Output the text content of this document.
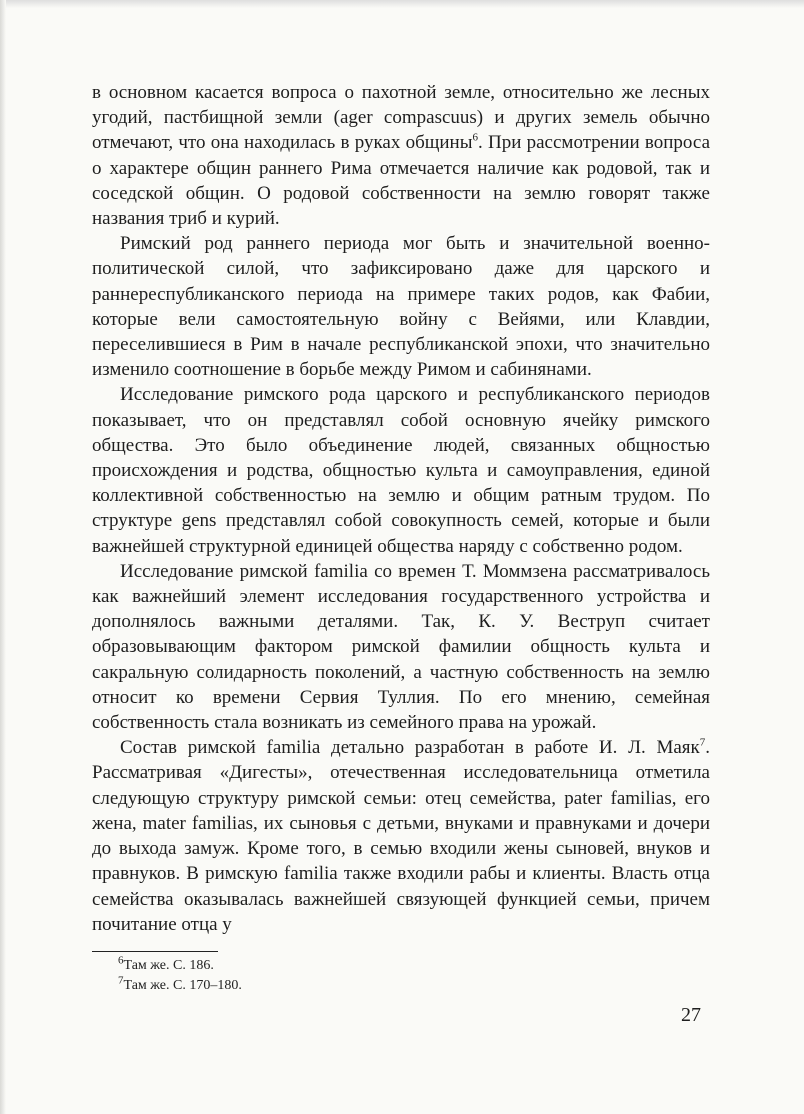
в основном касается вопроса о пахотной земле, относительно же лесных угодий, пастбищной земли (ager compascuus) и других земель обычно отмечают, что она находилась в руках общины$^6$. При рассмотрении вопроса о характере общин раннего Рима отмечается наличие как родовой, так и соседской общин. О родовой собственности на землю говорят также названия триб и курий.

Римский род раннего периода мог быть и значительной военно-политической силой, что зафиксировано даже для царского и раннереспубликанского периода на примере таких родов, как Фабии, которые вели самостоятельную войну с Вейями, или Клавдии, переселившиеся в Рим в начале республиканской эпохи, что значительно изменило соотношение в борьбе между Римом и сабинянами.

Исследование римского рода царского и республиканского периодов показывает, что он представлял собой основную ячейку римского общества. Это было объединение людей, связанных общностью происхождения и родства, общностью культа и самоуправления, единой коллективной собственностью на землю и общим ратным трудом. По структуре gens представлял собой совокупность семей, которые и были важнейшей структурной единицей общества наряду с собственно родом.

Исследование римской familia со времен Т. Моммзена рассматривалось как важнейший элемент исследования государственного устройства и дополнялось важными деталями. Так, К. У. Веструп считает образовывающим фактором римской фамилии общность культа и сакральную солидарность поколений, а частную собственность на землю относит ко времени Сервия Туллия. По его мнению, семейная собственность стала возникать из семейного права на урожай.

Состав римской familia детально разработан в работе И. Л. Маяк$^7$. Рассматривая «Дигесты», отечественная исследовательница отметила следующую структуру римской семьи: отец семейства, pater familias, его жена, mater familias, их сыновья с детьми, внуками и правнуками и дочери до выхода замуж. Кроме того, в семью входили жены сыновей, внуков и правнуков. В римскую familia также входили рабы и клиенты. Власть отца семейства оказывалась важнейшей связующей функцией семьи, причем почитание отца у

$^6$Там же. С. 186.
$^7$Там же. С. 170–180.
27
